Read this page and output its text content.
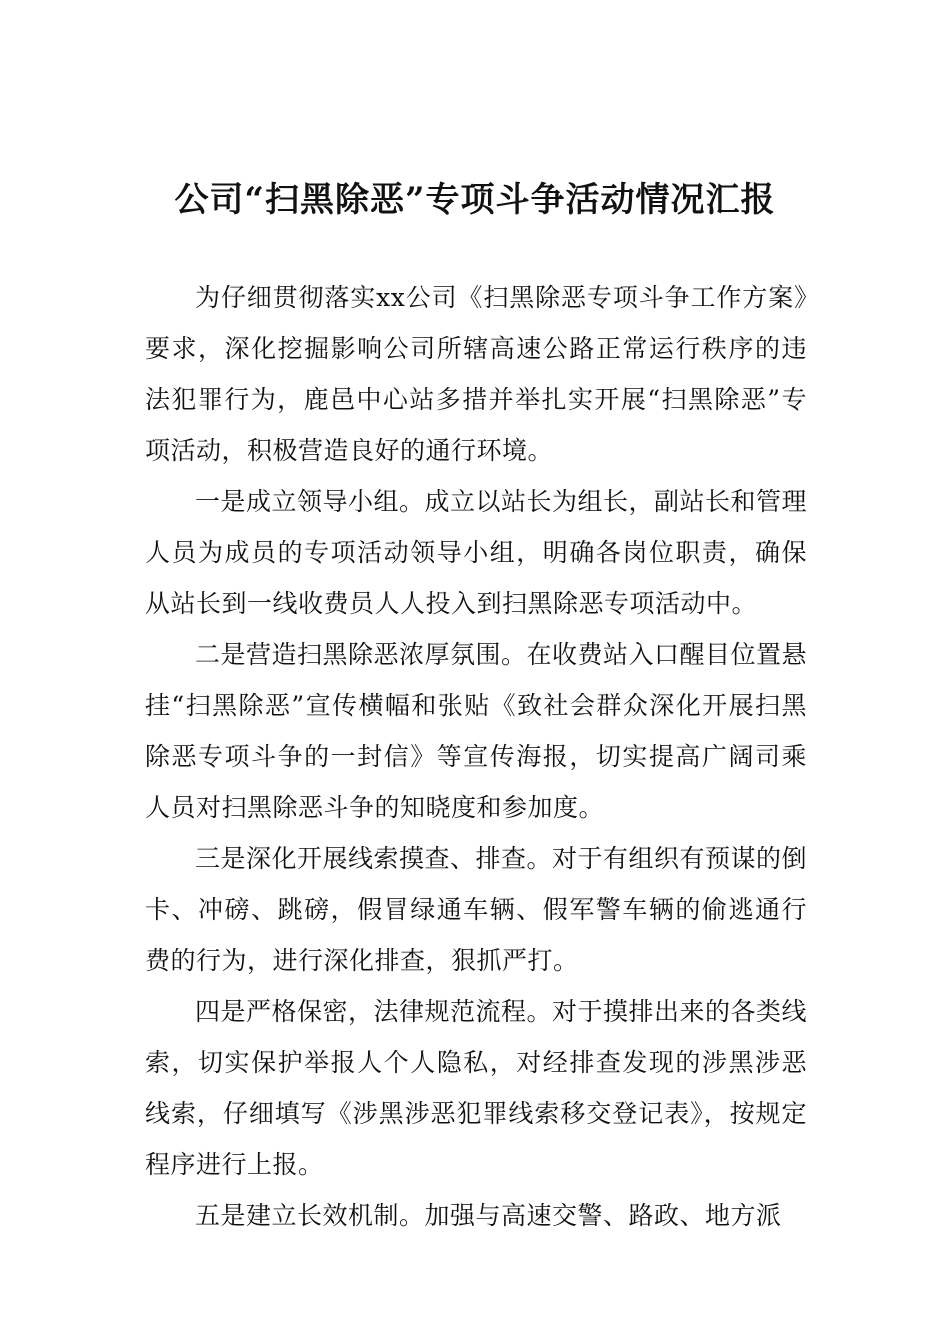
公司“扫黑除恶”专项斗争活动情况汇报

为仔细贯彻落实xx公司《扫黑除恶专项斗争工作方案》要求，深化挖掘影响公司所辖高速公路正常运行秩序的违法犯罪行为，鹿邑中心站多措并举扎实开展“扫黑除恶”专项活动，积极营造良好的通行环境。

一是成立领导小组。成立以站长为组长，副站长和管理人员为成员的专项活动领导小组，明确各岗位职责，确保从站长到一线收费员人人投入到扫黑除恶专项活动中。

二是营造扫黑除恶浓厚氛围。在收费站入口醒目位置悬挂“扫黑除恶”宣传横幅和张贴《致社会群众深化开展扫黑除恶专项斗争的一封信》等宣传海报，切实提高广阔司乘人员对扫黑除恶斗争的知晓度和参加度。

三是深化开展线索摸查、排查。对于有组织有预谋的倒卡、冲磅、跳磅，假冒绿通车辆、假军警车辆的偷逃通行费的行为，进行深化排查，狠抓严打。

四是严格保密，法律规范流程。对于摸排出来的各类线索，切实保护举报人个人隐私，对经排查发现的涉黑涉恶线索，仔细填写《涉黑涉恶犯罪线索移交登记表》，按规定程序进行上报。

五是建立长效机制。加强与高速交警、路政、地方派
